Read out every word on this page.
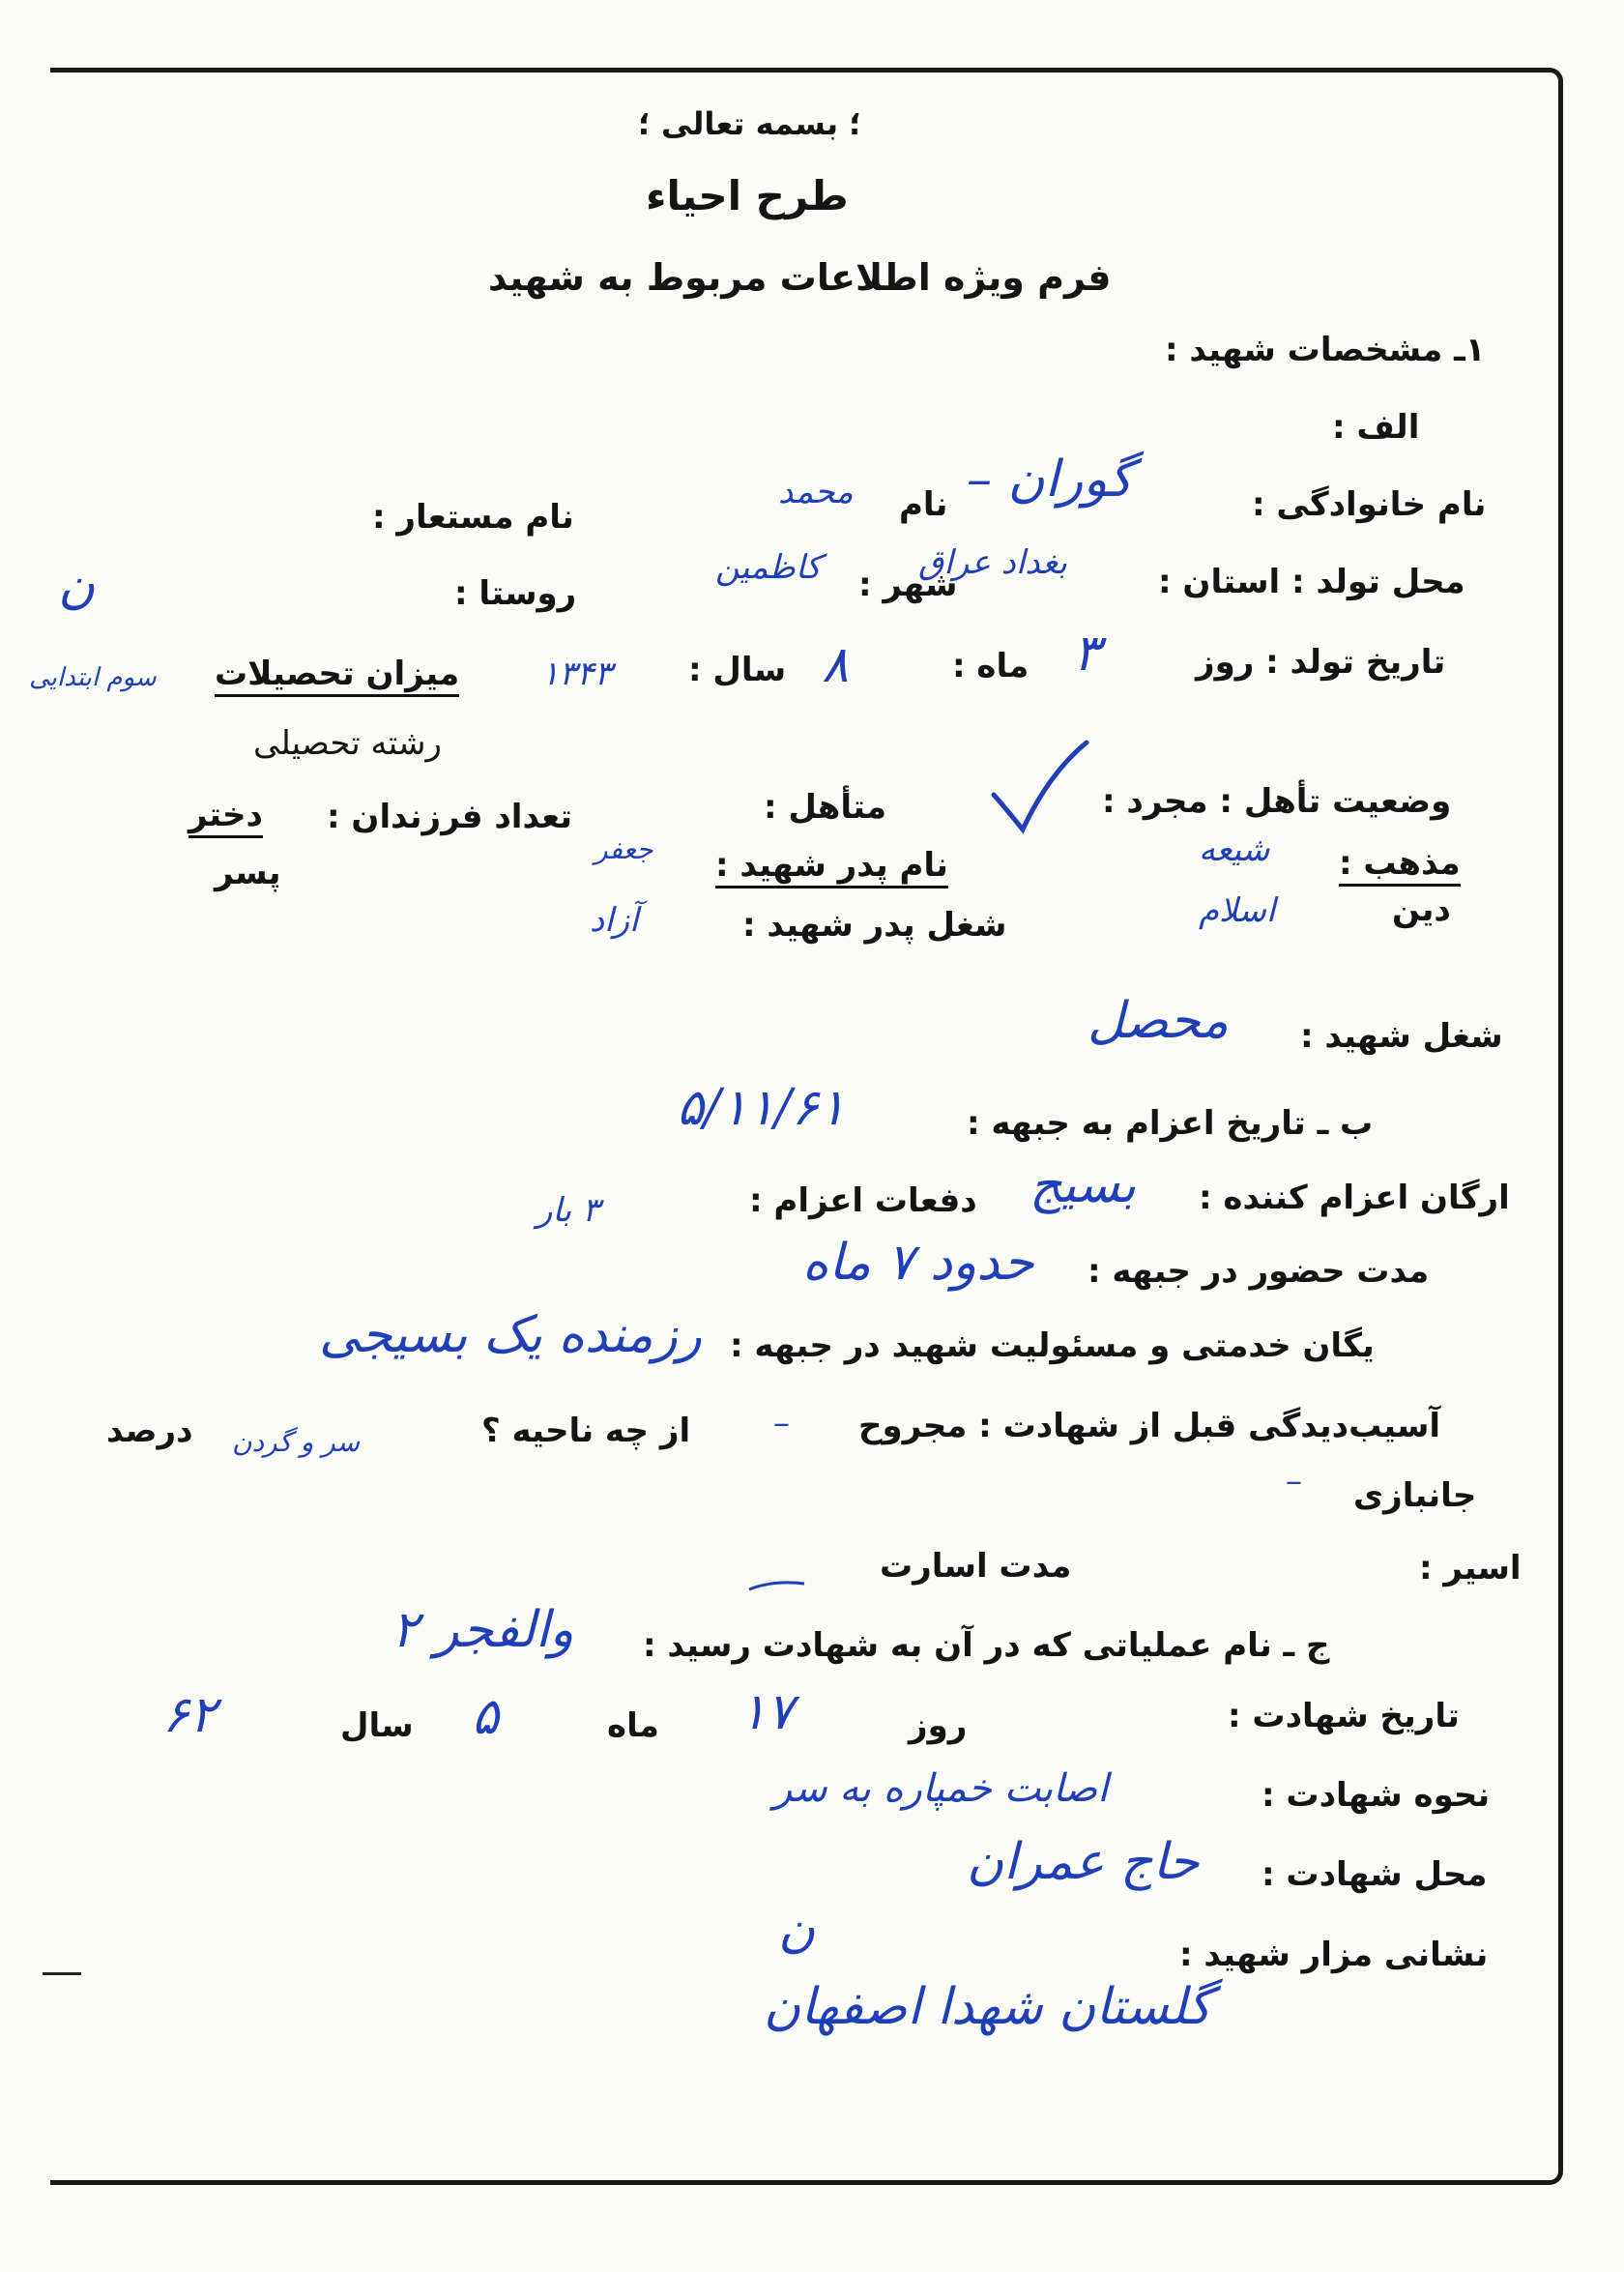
؛ بسمه تعالی ؛
طرح احیاء
فرم ویژه اطلاعات مربوط به شهید
۱ـ مشخصات شهید :
الف :
نام خانوادگی :
گوران –
نام
محمد
نام مستعار :
محل تولد : استان :
بغداد عراق
شهر :
کاظمین
روستا :
ن
تاریخ تولد : روز
۳
ماه :
۸
سال :
۱۳۴۳
میزان تحصیلات
سوم ابتدایی
رشته تحصیلی
وضعیت تأهل : مجرد :
متأهل :
تعداد فرزندان :
دختر
پسر	مذهب :
شیعه
دین
اسلام
نام پدر شهید :
جعفر
شغل پدر شهید :
آزاد
شغل شهید :
محصل
ب ـ تاریخ اعزام به جبهه :
۵/۱۱/۶۱
ارگان اعزام کننده :
بسیج
دفعات اعزام :
۳ بار
مدت حضور در جبهه :
حدود ۷ ماه
یگان خدمتی و مسئولیت شهید در جبهه :
رزمنده یک بسیجی
آسیب‌دیدگی قبل از شهادت : مجروح
–
از چه ناحیه ؟
سر و گردن
درصد
جانبازی
–
اسیر :
مدت اسارت
ج ـ نام عملیاتی که در آن به شهادت رسید :
والفجر ۲
تاریخ شهادت :
روز
۱۷
ماه
۵
سال
۶۲
نحوه شهادت :
اصابت خمپاره به سر
محل شهادت :
حاج عمران
نشانی مزار شهید :
ن
گلستان شهدا اصفهان
